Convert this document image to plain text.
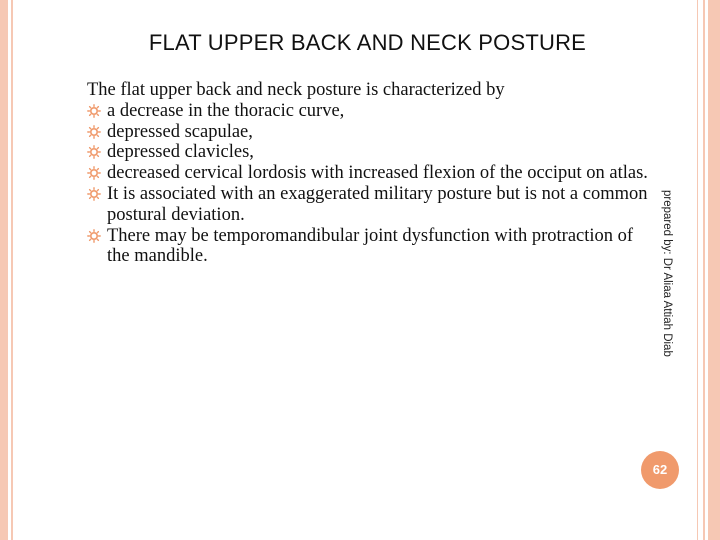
FLAT UPPER BACK AND NECK POSTURE

The flat upper back and neck posture is characterized by

a decrease in the thoracic curve,
depressed scapulae,
depressed clavicles,
decreased cervical lordosis with increased flexion of the occiput on atlas.
It is associated with an exaggerated military posture but is not a common postural deviation.
There may be temporomandibular joint dysfunction with protraction of the mandible.	prepared by: Dr Aliaa Attiah Diab
62
